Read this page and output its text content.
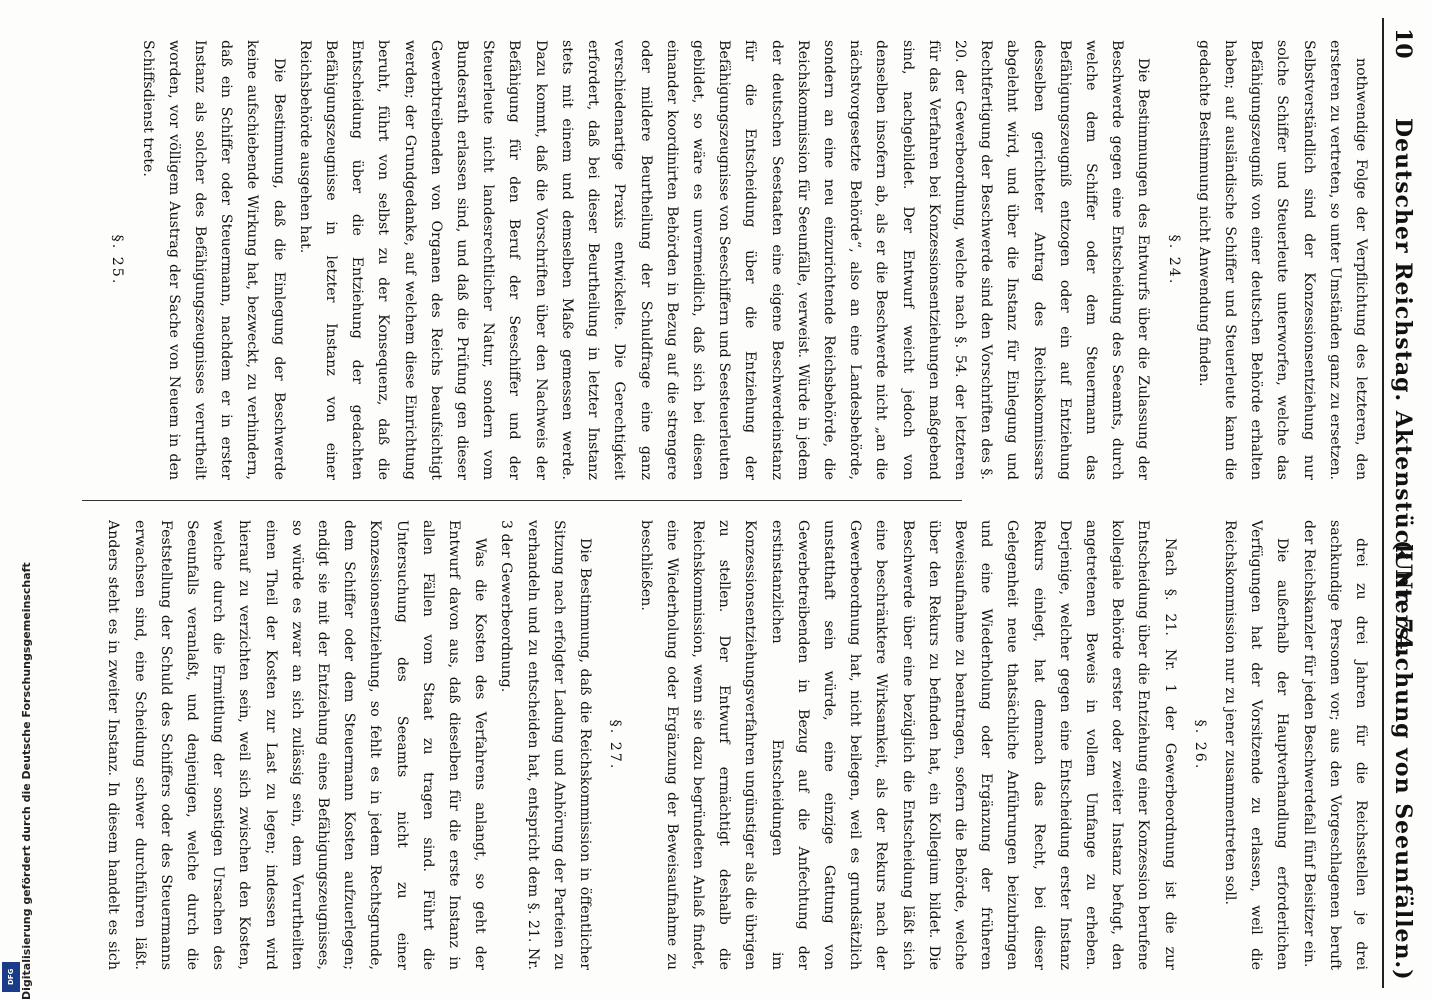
10
Deutscher Reichstag. Aktenstück Nr. 74.
(Untersuchung von Seeunfällen.)

nothwendige Folge der Verpflichtung des letzteren, den ersteren zu vertreten, so unter Umständen ganz zu ersetzen. Selbstverständlich sind der Konzessionsentziehung nur solche Schiffer und Steuerleute unterworfen, welche das Befähigungszeugniß von einer deutschen Behörde erhalten haben; auf ausländische Schiffer und Steuerleute kann die gedachte Bestimmung nicht Anwendung finden.

§. 24.

Die Bestimmungen des Entwurfs über die Zulassung der Beschwerde gegen eine Entscheidung des Seeamts, durch welche dem Schiffer oder dem Steuermann das Befähigungszeugniß entzogen oder ein auf Entziehung desselben gerichteter Antrag des Reichskommissars abgelehnt wird, und über die Instanz für Einlegung und Rechtfertigung der Beschwerde sind den Vorschriften des §. 20. der Gewerbeordnung, welche nach §. 54. der letzteren für das Verfahren bei Konzessionsentziehungen maßgebend sind, nachgebildet. Der Entwurf weicht jedoch von denselben insofern ab, als er die Beschwerde nicht „an die nächstvorgesetzte Behörde“, also an eine Landesbehörde, sondern an eine neu einzurichtende Reichsbehörde, die Reichskommission für Seeunfälle, verweist. Würde in jedem der deutschen Seestaaten eine eigene Beschwerdeinstanz für die Entscheidung über die Entziehung der Befähigungszeugnisse von Seeschiffern und Seesteuerleuten gebildet, so wäre es unvermeidlich, daß sich bei diesen einander koordinirten Behörden in Bezug auf die strengere oder mildere Beurtheilung der Schuldfrage eine ganz verschiedenartige Praxis entwickelte. Die Gerechtigkeit erfordert, daß bei dieser Beurtheilung in letzter Instanz stets mit einem und demselben Maße gemessen werde. Dazu kommt, daß die Vorschriften über den Nachweis der Befähigung für den Beruf der Seeschiffer und der Steuerleute nicht landesrechtlicher Natur, sondern vom Bundesrath erlassen sind, und daß die Prüfung gen dieser Gewerbtreibenden von Organen des Reichs beaufsichtigt werden; der Grundgedanke, auf welchem diese Einrichtung beruht, führt von selbst zu der Konsequenz, daß die Entscheidung über die Entziehung der gedachten Befähigungszeugnisse in letzter Instanz von einer Reichsbehörde ausgehen hat.

Die Bestimmung, daß die Einlegung der Beschwerde keine aufschiebende Wirkung hat, bezweckt, zu verhindern, daß ein Schiffer oder Steuermann, nachdem er in erster Instanz als solcher des Befähigungszeugnisses verurtheilt worden, vor völligem Austrag der Sache von Neuem in den Schiffsdienst trete.

§. 25.

drei zu drei Jahren für die Reichsstellen je drei sachkundige Personen vor; aus den Vorgeschlagenen beruft der Reichskanzler für jeden Beschwerdefall fünf Beisitzer ein.

Die außerhalb der Hauptverhandlung erforderlichen Verfügungen hat der Vorsitzende zu erlassen, weil die Reichskommission nur zu jener zusammentreten soll.

§. 26.

Nach §. 21. Nr. 1 der Gewerbeordnung ist die zur Entscheidung über die Entziehung einer Konzession berufene kollegiale Behörde erster oder zweiter Instanz befugt, den angetretenen Beweis in vollem Umfange zu erheben. Derjenige, welcher gegen eine Entscheidung erster Instanz Rekurs einlegt, hat demnach das Recht, bei dieser Gelegenheit neue thatsächliche Anführungen beizubringen und eine Wiederholung oder Ergänzung der früheren Beweisaufnahme zu beantragen, sofern die Behörde, welche über den Rekurs zu befinden hat, ein Kollegium bildet. Die Beschwerde über eine bezüglich die Entscheidung läßt sich eine beschränktere Wirksamkeit, als der Rekurs nach der Gewerbeordnung hat, nicht beilegen, weil es grundsätzlich unstatthaft sein würde, eine einzige Gattung von Gewerbetreibenden in Bezug auf die Anfechtung der erstinstanzlichen Entscheidungen im Konzessionsentziehungsverfahren ungünstiger als die übrigen zu stellen. Der Entwurf ermächtigt deshalb die Reichskommission, wenn sie dazu begründeten Anlaß findet, eine Wiederholung oder Ergänzung der Beweisaufnahme zu beschließen.

§. 27.

Die Bestimmung, daß die Reichskommission in öffentlicher Sitzung nach erfolgter Ladung und Anhörung der Parteien zu verhandeln und zu entscheiden hat, entspricht dem §. 21. Nr. 3 der Gewerbeordnung.

Was die Kosten des Verfahrens anlangt, so geht der Entwurf davon aus, daß dieselben für die erste Instanz in allen Fällen vom Staat zu tragen sind. Führt die Untersuchung des Seeamts nicht zu einer Konzessionsentziehung, so fehlt es in jedem Rechtsgrunde, dem Schiffer oder dem Steuermann Kosten aufzuerlegen; endigt sie mit der Entziehung eines Befähigungszeugnisses, so würde es zwar an sich zulässig sein, dem Verurtheilten einen Theil der Kosten zur Last zu legen; indessen wird hierauf zu verzichten sein, weil sich zwischen den Kosten, welche durch die Ermittlung der sonstigen Ursachen des Seeunfalls veranlaßt, und denjenigen, welche durch die Feststellung der Schuld des Schiffers oder des Steuermanns erwachsen sind, eine Scheidung schwer durchführen läßt. Anders steht es in zweiter Instanz. In diesem handelt es sich

Digitalisierung gefördert durch die Deutsche Forschungsgemeinschaft
DFG
